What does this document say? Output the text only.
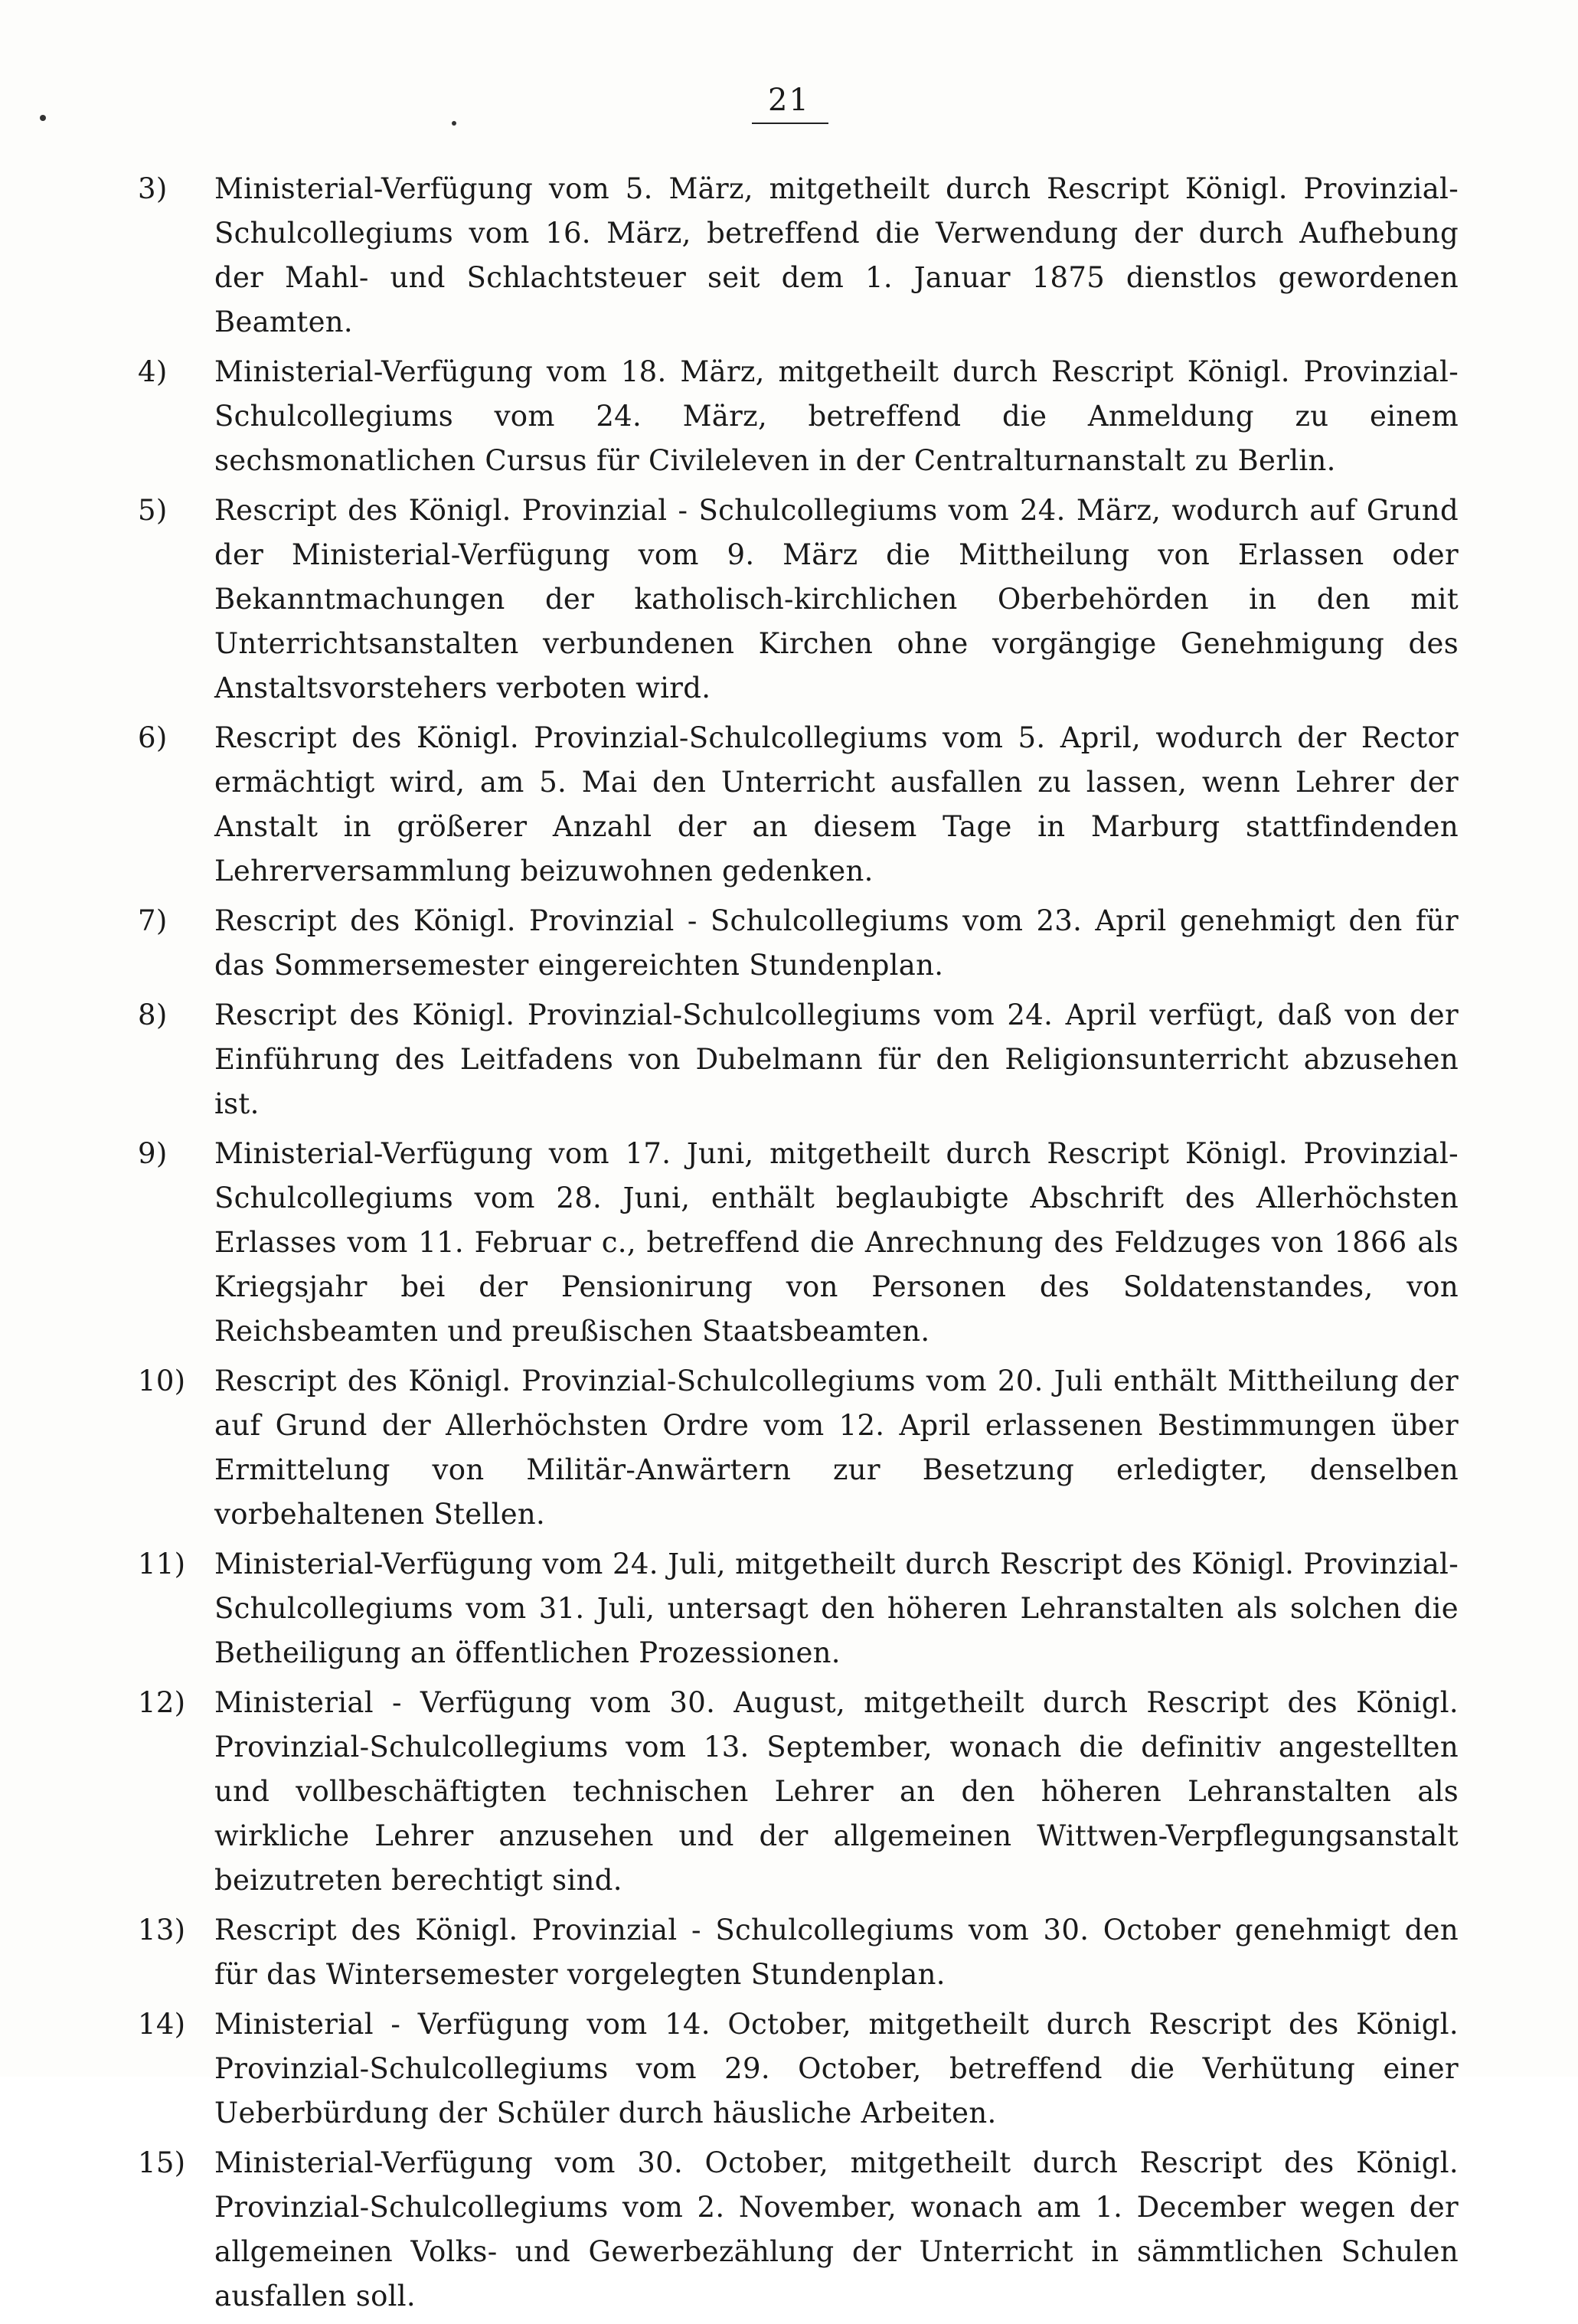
21
3)	Ministerial-Verfügung vom 5. März, mitgetheilt durch Rescript Königl. Provinzial-Schulcollegiums vom 16. März, betreffend die Verwendung der durch Aufhebung der Mahl- und Schlachtsteuer seit dem 1. Januar 1875 dienstlos gewordenen Beamten.
4)	Ministerial-Verfügung vom 18. März, mitgetheilt durch Rescript Königl. Provinzial-Schulcollegiums vom 24. März, betreffend die Anmeldung zu einem sechsmonatlichen Cursus für Civileleven in der Centralturnanstalt zu Berlin.
5)	Rescript des Königl. Provinzial - Schulcollegiums vom 24. März, wodurch auf Grund der Ministerial-Verfügung vom 9. März die Mittheilung von Erlassen oder Bekanntmachungen der katholisch-kirchlichen Oberbehörden in den mit Unterrichtsanstalten verbundenen Kirchen ohne vorgängige Genehmigung des Anstaltsvorstehers verboten wird.
6)	Rescript des Königl. Provinzial-Schulcollegiums vom 5. April, wodurch der Rector ermächtigt wird, am 5. Mai den Unterricht ausfallen zu lassen, wenn Lehrer der Anstalt in größerer Anzahl der an diesem Tage in Marburg stattfindenden Lehrerversammlung beizuwohnen gedenken.
7)	Rescript des Königl. Provinzial - Schulcollegiums vom 23. April genehmigt den für das Sommersemester eingereichten Stundenplan.
8)	Rescript des Königl. Provinzial-Schulcollegiums vom 24. April verfügt, daß von der Einführung des Leitfadens von Dubelmann für den Religionsunterricht abzusehen ist.
9)	Ministerial-Verfügung vom 17. Juni, mitgetheilt durch Rescript Königl. Provinzial-Schulcollegiums vom 28. Juni, enthält beglaubigte Abschrift des Allerhöchsten Erlasses vom 11. Februar c., betreffend die Anrechnung des Feldzuges von 1866 als Kriegsjahr bei der Pensionirung von Personen des Soldatenstandes, von Reichsbeamten und preußischen Staatsbeamten.
10)	Rescript des Königl. Provinzial-Schulcollegiums vom 20. Juli enthält Mittheilung der auf Grund der Allerhöchsten Ordre vom 12. April erlassenen Bestimmungen über Ermittelung von Militär-Anwärtern zur Besetzung erledigter, denselben vorbehaltenen Stellen.
11)	Ministerial-Verfügung vom 24. Juli, mitgetheilt durch Rescript des Königl. Provinzial-Schulcollegiums vom 31. Juli, untersagt den höheren Lehranstalten als solchen die Betheiligung an öffentlichen Prozessionen.
12)	Ministerial - Verfügung vom 30. August, mitgetheilt durch Rescript des Königl. Provinzial-Schulcollegiums vom 13. September, wonach die definitiv angestellten und vollbeschäftigten technischen Lehrer an den höheren Lehranstalten als wirkliche Lehrer anzusehen und der allgemeinen Wittwen-Verpflegungsanstalt beizutreten berechtigt sind.
13)	Rescript des Königl. Provinzial - Schulcollegiums vom 30. October genehmigt den für das Wintersemester vorgelegten Stundenplan.
14)	Ministerial - Verfügung vom 14. October, mitgetheilt durch Rescript des Königl. Provinzial-Schulcollegiums vom 29. October, betreffend die Verhütung einer Ueberbürdung der Schüler durch häusliche Arbeiten.
15)	Ministerial-Verfügung vom 30. October, mitgetheilt durch Rescript des Königl. Provinzial-Schulcollegiums vom 2. November, wonach am 1. December wegen der allgemeinen Volks- und Gewerbezählung der Unterricht in sämmtlichen Schulen ausfallen soll.
